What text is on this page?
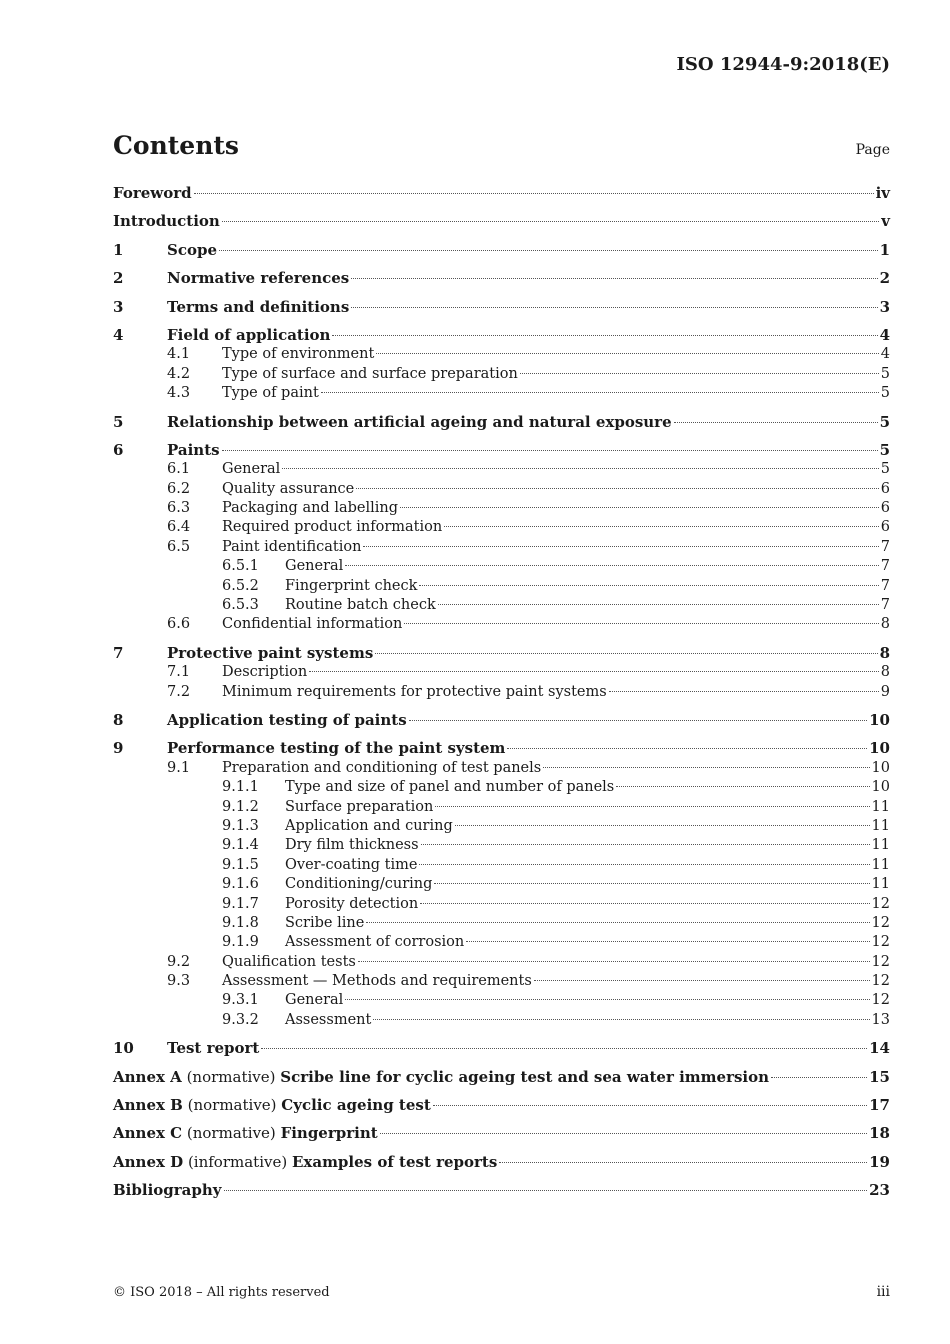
ISO 12944-9:2018(E)
Contents	Page
Foreword	iv
Introduction	v
1	Scope	1
2	Normative references	2
3	Terms and definitions	3
4	Field of application	4
4.1	Type of environment	4
4.2	Type of surface and surface preparation	5
4.3	Type of paint	5
5	Relationship between artificial ageing and natural exposure	5
6	Paints	5
6.1	General	5
6.2	Quality assurance	6
6.3	Packaging and labelling	6
6.4	Required product information	6
6.5	Paint identification	7
6.5.1	General	7
6.5.2	Fingerprint check	7
6.5.3	Routine batch check	7
6.6	Confidential information	8
7	Protective paint systems	8
7.1	Description	8
7.2	Minimum requirements for protective paint systems	9
8	Application testing of paints	10
9	Performance testing of the paint system	10
9.1	Preparation and conditioning of test panels	10
9.1.1	Type and size of panel and number of panels	10
9.1.2	Surface preparation	11
9.1.3	Application and curing	11
9.1.4	Dry film thickness	11
9.1.5	Over-coating time	11
9.1.6	Conditioning/curing	11
9.1.7	Porosity detection	12
9.1.8	Scribe line	12
9.1.9	Assessment of corrosion	12
9.2	Qualification tests	12
9.3	Assessment — Methods and requirements	12
9.3.1	General	12
9.3.2	Assessment	13
10	Test report	14
Annex A (normative) Scribe line for cyclic ageing test and sea water immersion	15
Annex B (normative) Cyclic ageing test	17
Annex C (normative) Fingerprint	18
Annex D (informative) Examples of test reports	19
Bibliography	23
© ISO 2018 – All rights reserved	iii
